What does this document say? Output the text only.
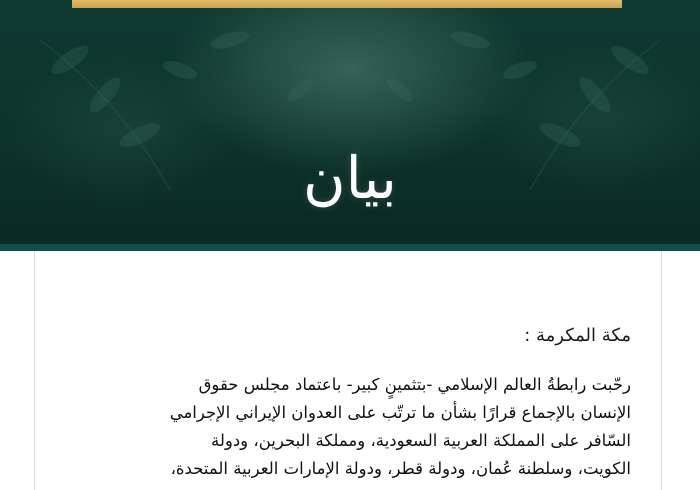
بيان
مكة المكرمة :

رحّبت رابطةُ العالم الإسلامي -بتثمينٍ كبير- باعتماد مجلس حقوق
الإنسان بالإجماع قرارًا بشأن ما ترتّب على العدوان الإيراني الإجرامي
السّافر على المملكة العربية السعودية، ومملكة البحرين، ودولة
الكويت، وسلطنة عُمان، ودولة قطر، ودولة الإمارات العربية المتحدة،
